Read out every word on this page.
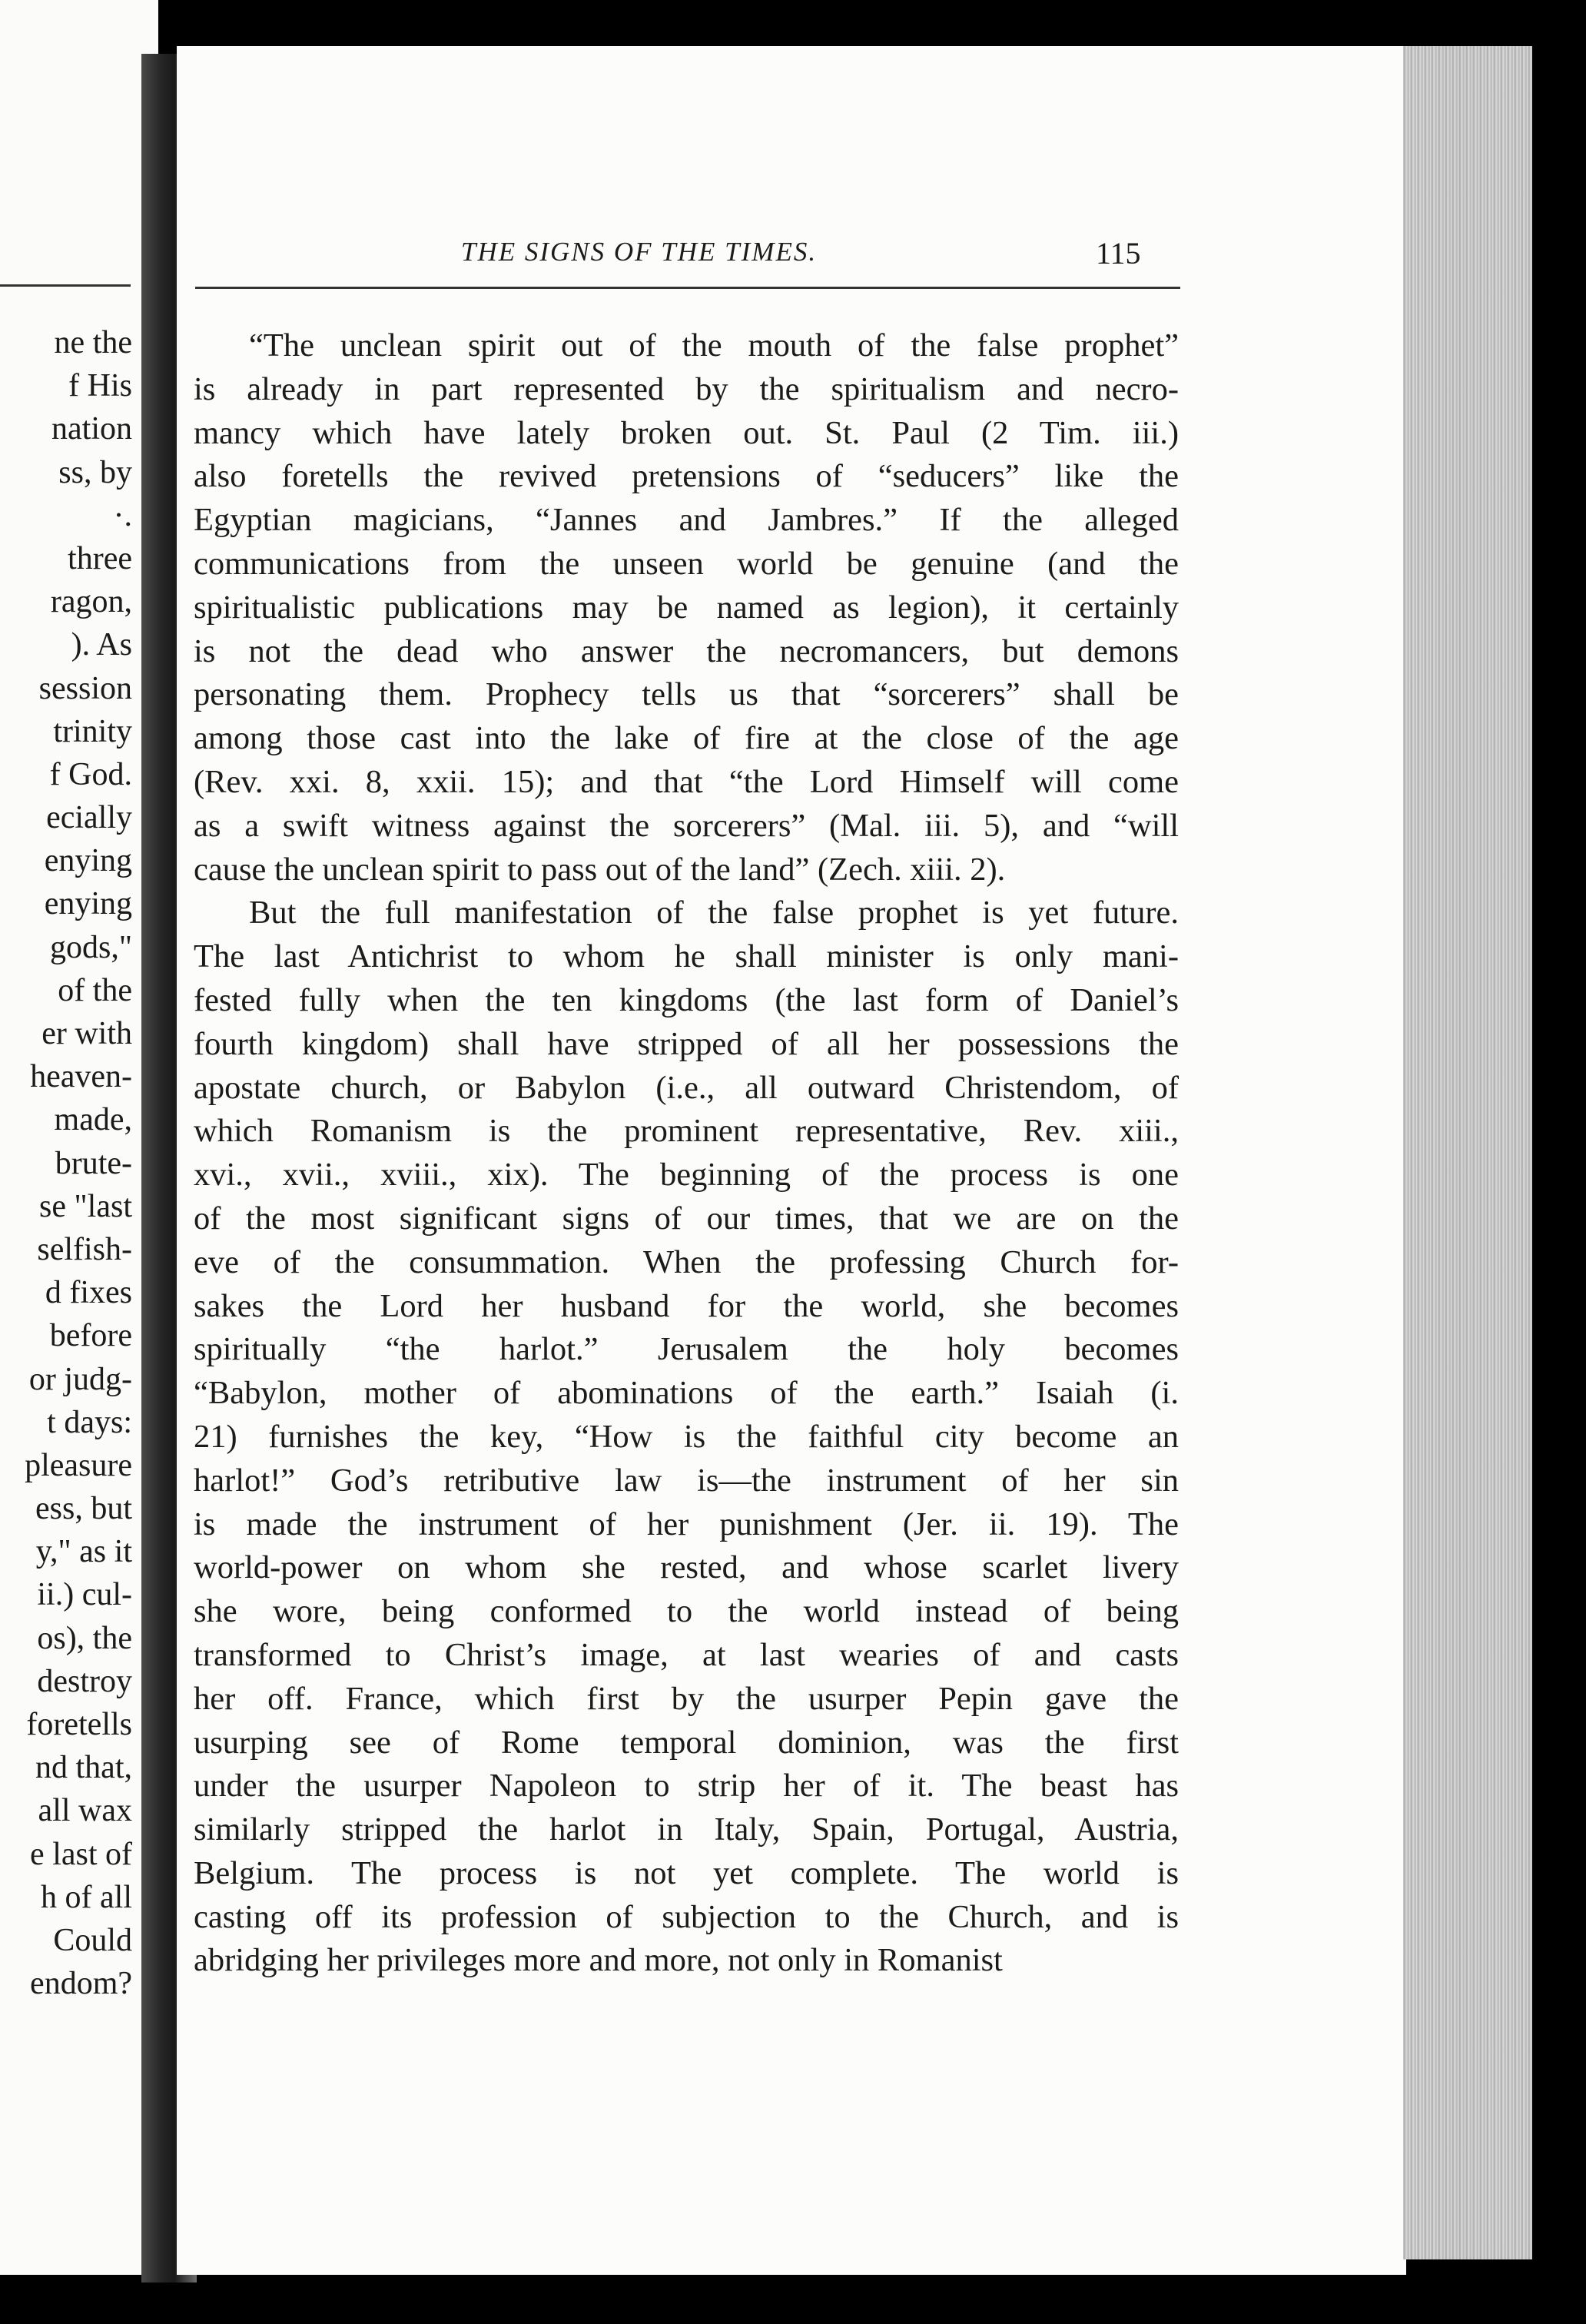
ne the
f His
nation
ss, by
·.
three
ragon,
). As
session
trinity
f God.
ecially
enying
enying
gods,"
of the
er with
heaven-
made,
brute-
se "last
selfish-
d fixes
before
or judg-
t days:
pleasure
ess, but
y," as it
ii.) cul-
os), the
destroy
foretells
nd that,
all wax
e last of
h of all
Could
endom?
THE SIGNS OF THE TIMES.	115
“The unclean spirit out of the mouth of the false prophet”
is already in part represented by the spiritualism and necro-
mancy which have lately broken out. St. Paul (2 Tim. iii.)
also foretells the revived pretensions of “seducers” like the
Egyptian magicians, “Jannes and Jambres.” If the alleged
communications from the unseen world be genuine (and the
spiritualistic publications may be named as legion), it certainly
is not the dead who answer the necromancers, but demons
personating them. Prophecy tells us that “sorcerers” shall be
among those cast into the lake of fire at the close of the age
(Rev. xxi. 8, xxii. 15); and that “the Lord Himself will come
as a swift witness against the sorcerers” (Mal. iii. 5), and “will
cause the unclean spirit to pass out of the land” (Zech. xiii. 2).
But the full manifestation of the false prophet is yet future.
The last Antichrist to whom he shall minister is only mani-
fested fully when the ten kingdoms (the last form of Daniel’s
fourth kingdom) shall have stripped of all her possessions the
apostate church, or Babylon (i.e., all outward Christendom, of
which Romanism is the prominent representative, Rev. xiii.,
xvi., xvii., xviii., xix). The beginning of the process is one
of the most significant signs of our times, that we are on the
eve of the consummation. When the professing Church for-
sakes the Lord her husband for the world, she becomes
spiritually “the harlot.” Jerusalem the holy becomes
“Babylon, mother of abominations of the earth.” Isaiah (i.
21) furnishes the key, “How is the faithful city become an
harlot!” God’s retributive law is—the instrument of her sin
is made the instrument of her punishment (Jer. ii. 19). The
world-power on whom she rested, and whose scarlet livery
she wore, being conformed to the world instead of being
transformed to Christ’s image, at last wearies of and casts
her off. France, which first by the usurper Pepin gave the
usurping see of Rome temporal dominion, was the first
under the usurper Napoleon to strip her of it. The beast has
similarly stripped the harlot in Italy, Spain, Portugal, Austria,
Belgium. The process is not yet complete. The world is
casting off its profession of subjection to the Church, and is
abridging her privileges more and more, not only in Romanist
